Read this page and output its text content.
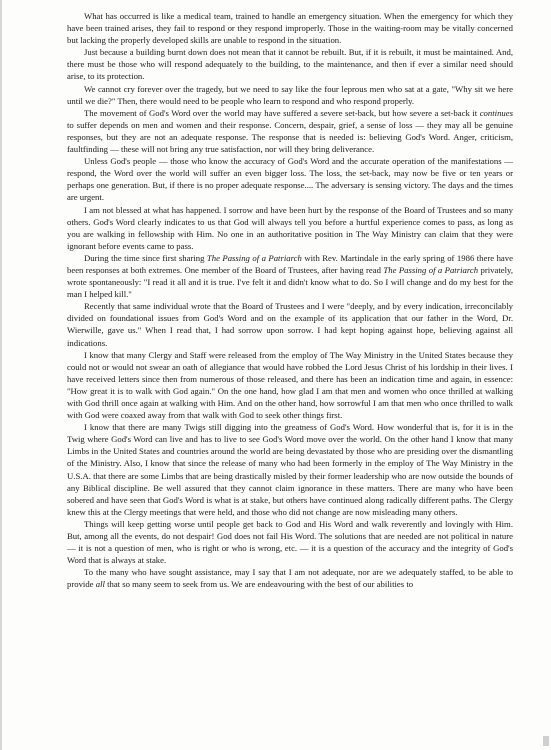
What has occurred is like a medical team, trained to handle an emergency situation. When the emergency for which they have been trained arises, they fail to respond or they respond improperly. Those in the waiting-room may be vitally concerned but lacking the properly developed skills are unable to respond in the situation.

Just because a building burnt down does not mean that it cannot be rebuilt. But, if it is rebuilt, it must be maintained. And, there must be those who will respond adequately to the building, to the maintenance, and then if ever a similar need should arise, to its protection.

We cannot cry forever over the tragedy, but we need to say like the four leprous men who sat at a gate, "Why sit we here until we die?" Then, there would need to be people who learn to respond and who respond properly.

The movement of God's Word over the world may have suffered a severe set-back, but how severe a set-back it continues to suffer depends on men and women and their response. Concern, despair, grief, a sense of loss — they may all be genuine responses, but they are not an adequate response. The response that is needed is: believing God's Word. Anger, criticism, faultfinding — these will not bring any true satisfaction, nor will they bring deliverance.

Unless God's people — those who know the accuracy of God's Word and the accurate operation of the manifestations — respond, the Word over the world will suffer an even bigger loss. The loss, the set-back, may now be five or ten years or perhaps one generation. But, if there is no proper adequate response.... The adversary is sensing victory. The days and the times are urgent.

I am not blessed at what has happened. I sorrow and have been hurt by the response of the Board of Trustees and so many others. God's Word clearly indicates to us that God will always tell you before a hurtful experience comes to pass, as long as you are walking in fellowship with Him. No one in an authoritative position in The Way Ministry can claim that they were ignorant before events came to pass.

During the time since first sharing The Passing of a Patriarch with Rev. Martindale in the early spring of 1986 there have been responses at both extremes. One member of the Board of Trustees, after having read The Passing of a Patriarch privately, wrote spontaneously: "I read it all and it is true. I've felt it and didn't know what to do. So I will change and do my best for the man I helped kill."

Recently that same individual wrote that the Board of Trustees and I were "deeply, and by every indication, irreconcilably divided on foundational issues from God's Word and on the example of its application that our father in the Word, Dr. Wierwille, gave us." When I read that, I had sorrow upon sorrow. I had kept hoping against hope, believing against all indications.

I know that many Clergy and Staff were released from the employ of The Way Ministry in the United States because they could not or would not swear an oath of allegiance that would have robbed the Lord Jesus Christ of his lordship in their lives. I have received letters since then from numerous of those released, and there has been an indication time and again, in essence: "How great it is to walk with God again." On the one hand, how glad I am that men and women who once thrilled at walking with God thrill once again at walking with Him. And on the other hand, how sorrowful I am that men who once thrilled to walk with God were coaxed away from that walk with God to seek other things first.

I know that there are many Twigs still digging into the greatness of God's Word. How wonderful that is, for it is in the Twig where God's Word can live and has to live to see God's Word move over the world. On the other hand I know that many Limbs in the United States and countries around the world are being devastated by those who are presiding over the dismantling of the Ministry. Also, I know that since the release of many who had been formerly in the employ of The Way Ministry in the U.S.A. that there are some Limbs that are being drastically misled by their former leadership who are now outside the bounds of any Biblical discipline. Be well assured that they cannot claim ignorance in these matters. There are many who have been sobered and have seen that God's Word is what is at stake, but others have continued along radically different paths. The Clergy knew this at the Clergy meetings that were held, and those who did not change are now misleading many others.

Things will keep getting worse until people get back to God and His Word and walk reverently and lovingly with Him. But, among all the events, do not despair! God does not fail His Word. The solutions that are needed are not political in nature — it is not a question of men, who is right or who is wrong, etc. — it is a question of the accuracy and the integrity of God's Word that is always at stake.

To the many who have sought assistance, may I say that I am not adequate, nor are we adequately staffed, to be able to provide all that so many seem to seek from us. We are endeavouring with the best of our abilities to
